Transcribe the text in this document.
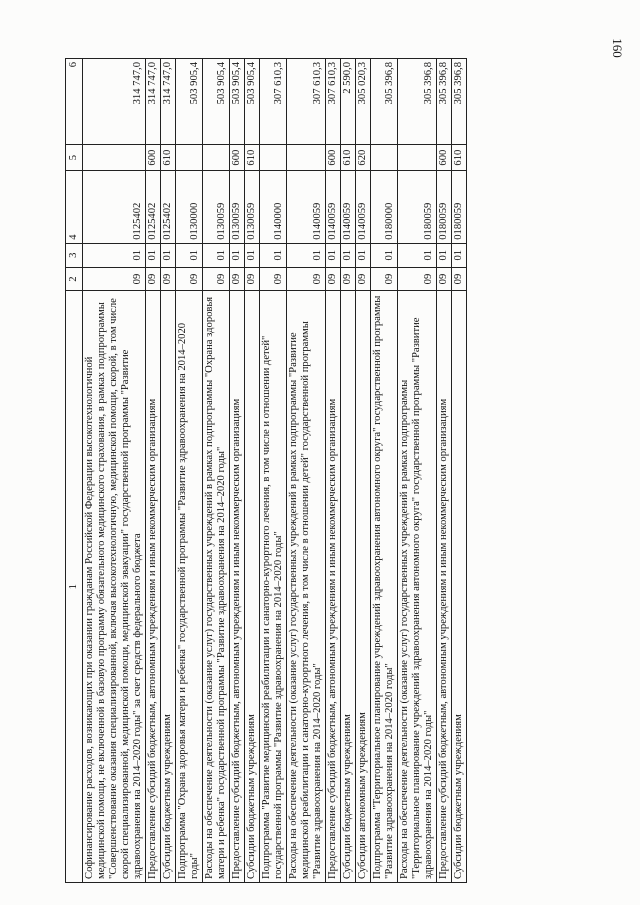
160
1	2	3	4	5	6
Софинансирование расходов, возникающих при оказании гражданам Российской Федерации высокотехнологичной медицинской помощи, не включенной в базовую программу обязательного медицинского страхования, в рамках подпрограммы "Совершенствование оказания специализированной, включая высокотехнологичную, медицинской помощи, скорой, в том числе скорой специализированной, медицинской помощи, медицинской эвакуации" государственной программы "Развитие здравоохранения на 2014–2020 годы" за счет средств федерального бюджета	09	01	0125402		314 747,0
Предоставление субсидий бюджетным, автономным учреждениям и иным некоммерческим организациям	09	01	0125402	600	314 747,0
Субсидии бюджетным учреждениям	09	01	0125402	610	314 747,0
Подпрограмма "Охрана здоровья матери и ребенка" государственной программы "Развитие здравоохранения на 2014–2020 годы"	09	01	0130000		503 905,4
Расходы на обеспечение деятельности (оказание услуг) государственных учреждений в рамках подпрограммы "Охрана здоровья матери и ребенка" государственной программы "Развитие здравоохранения на 2014–2020 годы"	09	01	0130059		503 905,4
Предоставление субсидий бюджетным, автономным учреждениям и иным некоммерческим организациям	09	01	0130059	600	503 905,4
Субсидии бюджетным учреждениям	09	01	0130059	610	503 905,4
Подпрограмма "Развитие медицинской реабилитации и санаторно-курортного лечения, в том числе и отношении детей" государственной программы "Развитие здравоохранения на 2014–2020 годы"	09	01	0140000		307 610,3
Расходы на обеспечение деятельности (оказание услуг) государственных учреждений в рамках подпрограммы "Развитие медицинской реабилитации и санаторно-курортного лечения, в том числе в отношении детей" государственной программы "Развитие здравоохранения на 2014–2020 годы"	09	01	0140059		307 610,3
Предоставление субсидий бюджетным, автономным учреждениям и иным некоммерческим организациям	09	01	0140059	600	307 610,3
Субсидии бюджетным учреждениям	09	01	0140059	610	2 590,0
Субсидии автономным учреждениям	09	01	0140059	620	305 020,3
Подпрограмма "Территориальное планирование учреждений здравоохранения автономного округа" государственной программы "Развитие здравоохранения на 2014–2020 годы"	09	01	0180000		305 396,8
Расходы на обеспечение деятельности (оказание услуг) государственных учреждений в рамках подпрограммы "Территориальное планирование учреждений здравоохранения автономного округа" государственной программы "Развитие здравоохранения на 2014–2020 годы"	09	01	0180059		305 396,8
Предоставление субсидий бюджетным, автономным учреждениям и иным некоммерческим организациям	09	01	0180059	600	305 396,8
Субсидии бюджетным учреждениям	09	01	0180059	610	305 396,8
